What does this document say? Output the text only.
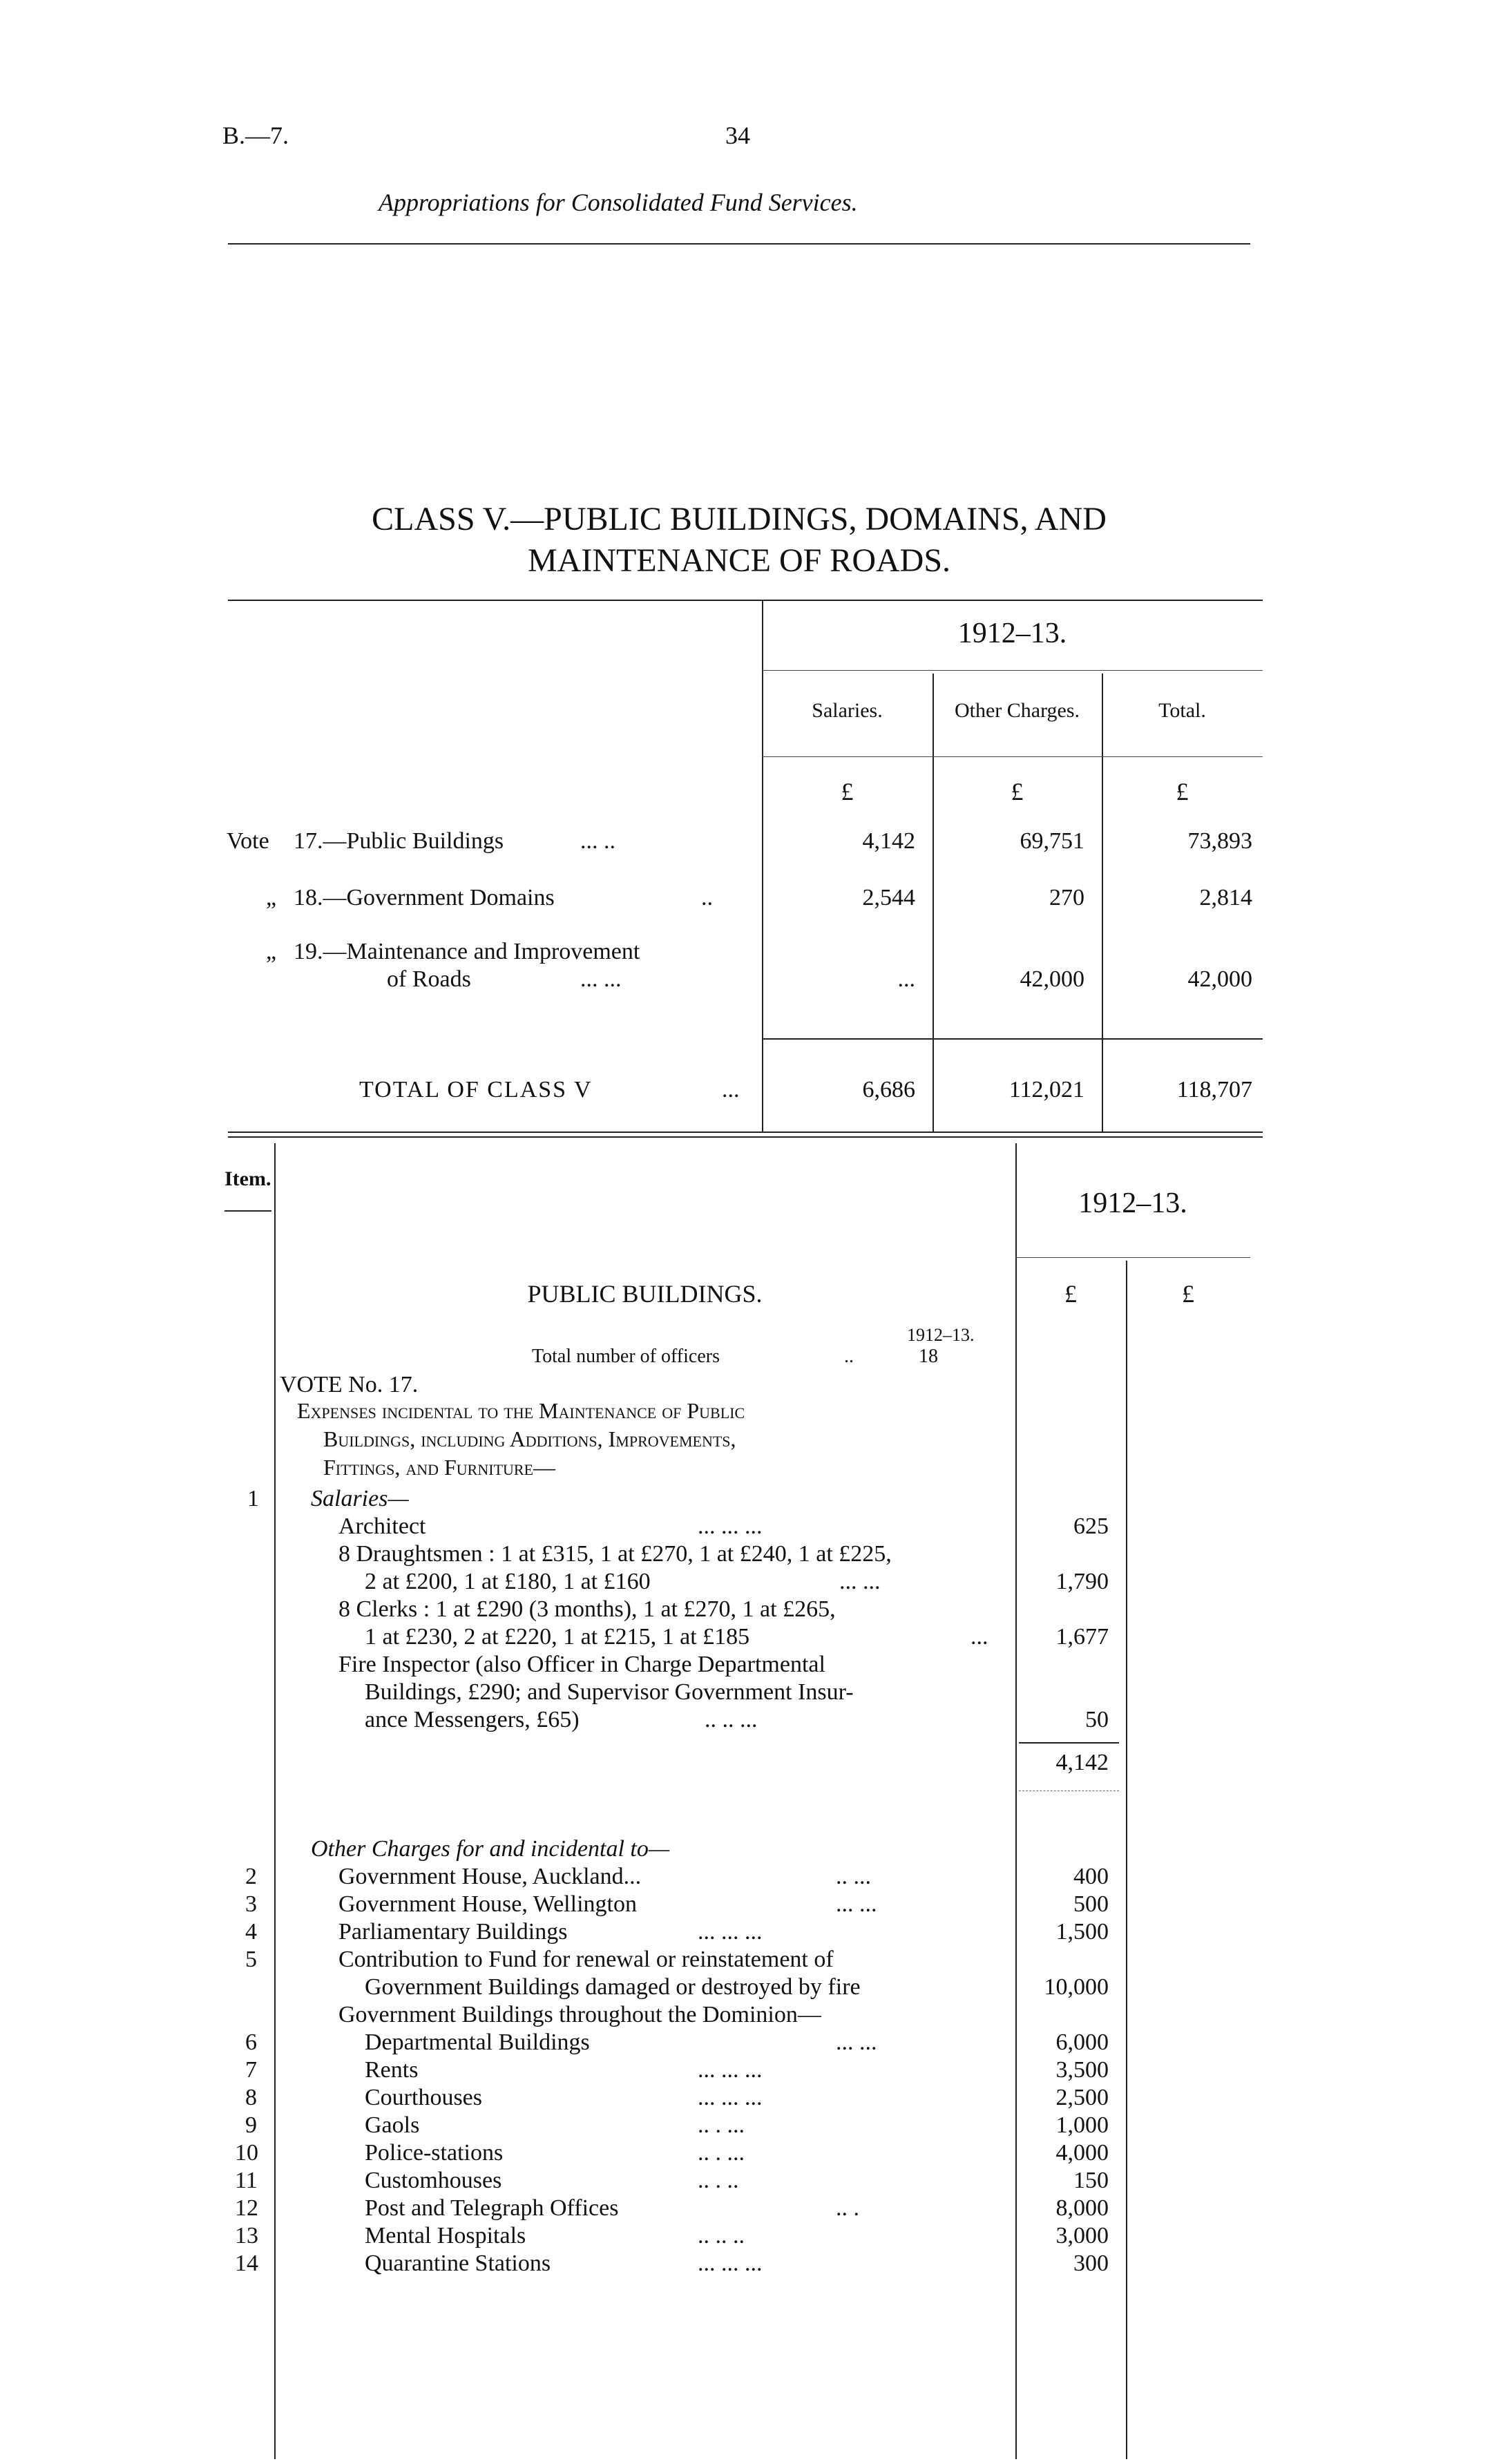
B.—7.	34
Appropriations for Consolidated Fund Services.
CLASS V.—PUBLIC BUILDINGS, DOMAINS, AND
MAINTENANCE OF ROADS.
1912–13.
Salaries.	Other Charges.	Total.
£	£	£
Vote 17.—Public Buildings	... ..	4,142	69,751	73,893
„ 18.—Government Domains	..	2,544	270	2,814
„ 19.—Maintenance and Improvement
of Roads	... ...	...	42,000	42,000
TOTAL OF CLASS V	...	6,686	112,021	118,707
Item.
1912–13.
£	£
PUBLIC BUILDINGS.
1912–13.
Total number of officers	..	18
VOTE No. 17.
Expenses incidental to the Maintenance of Public
Buildings, including Additions, Improvements,
Fittings, and Furniture—
1 Salaries—
Architect	... ... ...	625
8 Draughtsmen : 1 at £315, 1 at £270, 1 at £240, 1 at £225,
2 at £200, 1 at £180, 1 at £160	... ...	1,790
8 Clerks : 1 at £290 (3 months), 1 at £270, 1 at £265,
1 at £230, 2 at £220, 1 at £215, 1 at £185	...	1,677
Fire Inspector (also Officer in Charge Departmental
Buildings, £290; and Supervisor Government Insur-
ance Messengers, £65)	.. .. ...	50
4,142
Other Charges for and incidental to—
2	Government House, Auckland...	.. ...	400
3	Government House, Wellington	... ...	500
4	Parliamentary Buildings	... ... ...	1,500
5	Contribution to Fund for renewal or reinstatement of
Government Buildings damaged or destroyed by fire	10,000
Government Buildings throughout the Dominion—
6	Departmental Buildings	... ...	6,000
7	Rents	... ... ...	3,500
8	Courthouses	... ... ...	2,500
9	Gaols	.. . ...	1,000
10	Police-stations	.. . ...	4,000
11	Customhouses	.. . ..	150
12	Post and Telegraph Offices	.. .	8,000
13	Mental Hospitals	.. .. ..	3,000
14	Quarantine Stations	... ... ...	300
